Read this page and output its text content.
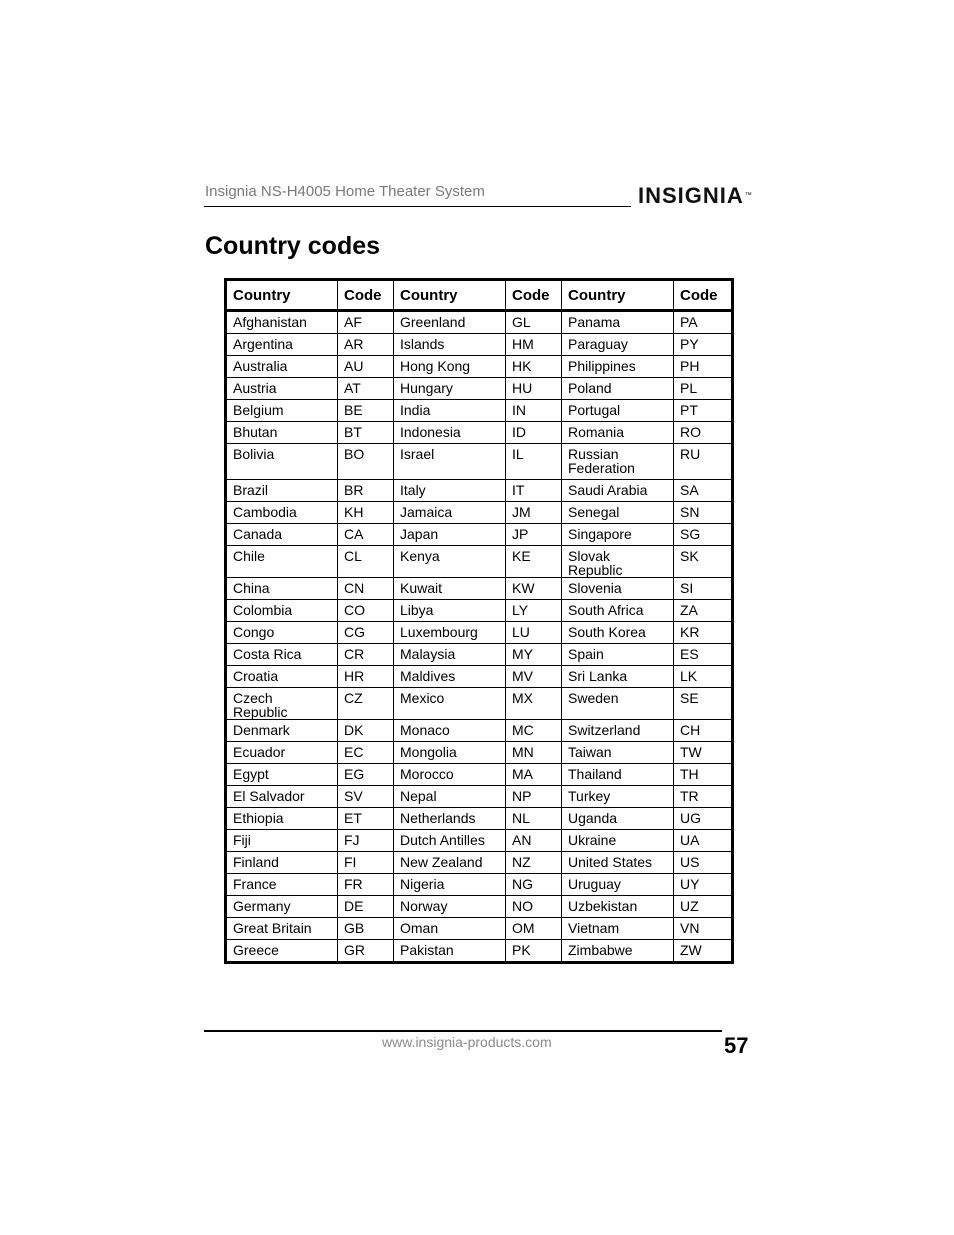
Insignia NS-H4005 Home Theater System	INSIGNIA™
Country codes
Country	Code	Country	Code	Country	Code
Afghanistan	AF	Greenland	GL	Panama	PA
Argentina	AR	Islands	HM	Paraguay	PY
Australia	AU	Hong Kong	HK	Philippines	PH
Austria	AT	Hungary	HU	Poland	PL
Belgium	BE	India	IN	Portugal	PT
Bhutan	BT	Indonesia	ID	Romania	RO
Bolivia	BO	Israel	IL	Russian Federation	RU
Brazil	BR	Italy	IT	Saudi Arabia	SA
Cambodia	KH	Jamaica	JM	Senegal	SN
Canada	CA	Japan	JP	Singapore	SG
Chile	CL	Kenya	KE	Slovak Republic	SK
China	CN	Kuwait	KW	Slovenia	SI
Colombia	CO	Libya	LY	South Africa	ZA
Congo	CG	Luxembourg	LU	South Korea	KR
Costa Rica	CR	Malaysia	MY	Spain	ES
Croatia	HR	Maldives	MV	Sri Lanka	LK
Czech Republic	CZ	Mexico	MX	Sweden	SE
Denmark	DK	Monaco	MC	Switzerland	CH
Ecuador	EC	Mongolia	MN	Taiwan	TW
Egypt	EG	Morocco	MA	Thailand	TH
El Salvador	SV	Nepal	NP	Turkey	TR
Ethiopia	ET	Netherlands	NL	Uganda	UG
Fiji	FJ	Dutch Antilles	AN	Ukraine	UA
Finland	FI	New Zealand	NZ	United States	US
France	FR	Nigeria	NG	Uruguay	UY
Germany	DE	Norway	NO	Uzbekistan	UZ
Great Britain	GB	Oman	OM	Vietnam	VN
Greece	GR	Pakistan	PK	Zimbabwe	ZW
www.insignia-products.com	57
